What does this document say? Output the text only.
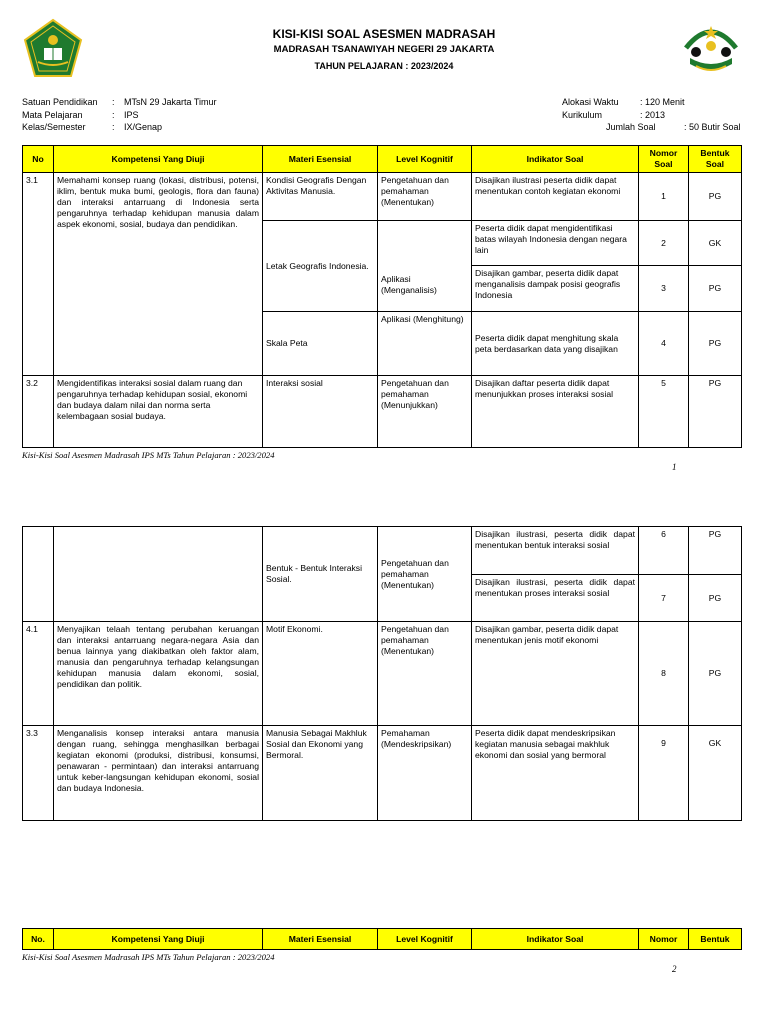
KISI-KISI SOAL ASESMEN MADRASAH
MADRASAH TSANAWIYAH NEGERI 29 JAKARTA
TAHUN PELAJARAN : 2023/2024
Satuan Pendidikan	:	MTsN 29 Jakarta Timur
Mata Pelajaran	:	IPS
Kelas/Semester	:	IX/Genap
Alokasi Waktu	: 120 Menit
Kurikulum	: 2013
Jumlah Soal	: 50 Butir Soal
No	Kompetensi Yang Diuji	Materi Esensial	Level Kognitif	Indikator Soal	Nomor Soal	Bentuk Soal
3.1	Memahami konsep ruang (lokasi, distribusi, potensi, iklim, bentuk muka bumi, geologis, flora dan fauna) dan interaksi antarruang di Indonesia serta pengaruhnya terhadap kehidupan manusia dalam aspek ekonomi, sosial, budaya dan pendidikan.	Kondisi Geografis Dengan Aktivitas Manusia.	Pengetahuan dan pemahaman (Menentukan)	Disajikan ilustrasi peserta didik dapat menentukan contoh kegiatan ekonomi	1	PG
		Letak Geografis Indonesia.	Aplikasi (Menganalisis)	Peserta didik dapat mengidentifikasi batas wilayah Indonesia dengan negara lain	2	GK
				Disajikan gambar, peserta didik dapat menganalisis dampak posisi geografis Indonesia	3	PG
		Skala Peta	Aplikasi (Menghitung)	Peserta didik dapat menghitung skala peta berdasarkan data yang disajikan	4	PG
3.2	Mengidentifikas interaksi sosial dalam ruang dan pengaruhnya terhadap kehidupan sosial, ekonomi dan budaya dalam nilai dan norma serta kelembagaan sosial budaya.	Interaksi sosial	Pengetahuan dan pemahaman (Menunjukkan)	Disajikan daftar peserta didik dapat menunjukkan proses interaksi sosial	5	PG
Kisi-Kisi Soal Asesmen Madrasah IPS MTs Tahun Pelajaran : 2023/2024
1
		Bentuk - Bentuk Interaksi Sosial.	Pengetahuan dan pemahaman (Menentukan)	Disajikan ilustrasi, peserta didik dapat menentukan bentuk interaksi sosial	6	PG
				Disajikan ilustrasi, peserta didik dapat menentukan proses interaksi sosial	7	PG
4.1	Menyajikan telaah tentang perubahan keruangan dan interaksi antarruang negara-negara Asia dan benua lainnya yang diakibatkan oleh faktor alam, manusia dan pengaruhnya terhadap kelangsungan kehidupan manusia dalam ekonomi, sosial, pendidikan dan politik.	Motif Ekonomi.	Pengetahuan dan pemahaman (Menentukan)	Disajikan gambar, peserta didik dapat menentukan jenis motif ekonomi	8	PG
3.3	Menganalisis konsep interaksi antara manusia dengan ruang, sehingga menghasilkan berbagai kegiatan ekonomi (produksi, distribusi, konsumsi, penawaran - permintaan) dan interaksi antarruang untuk keber-langsungan kehidupan ekonomi, sosial dan budaya Indonesia.	Manusia Sebagai Makhluk Sosial dan Ekonomi yang Bermoral.	Pemahaman (Mendeskripsikan)	Peserta didik dapat mendeskripsikan kegiatan manusia sebagai makhluk ekonomi dan sosial yang bermoral	9	GK
No.	Kompetensi Yang Diuji	Materi Esensial	Level Kognitif	Indikator Soal	Nomor	Bentuk
Kisi-Kisi Soal Asesmen Madrasah IPS MTs Tahun Pelajaran : 2023/2024
2
